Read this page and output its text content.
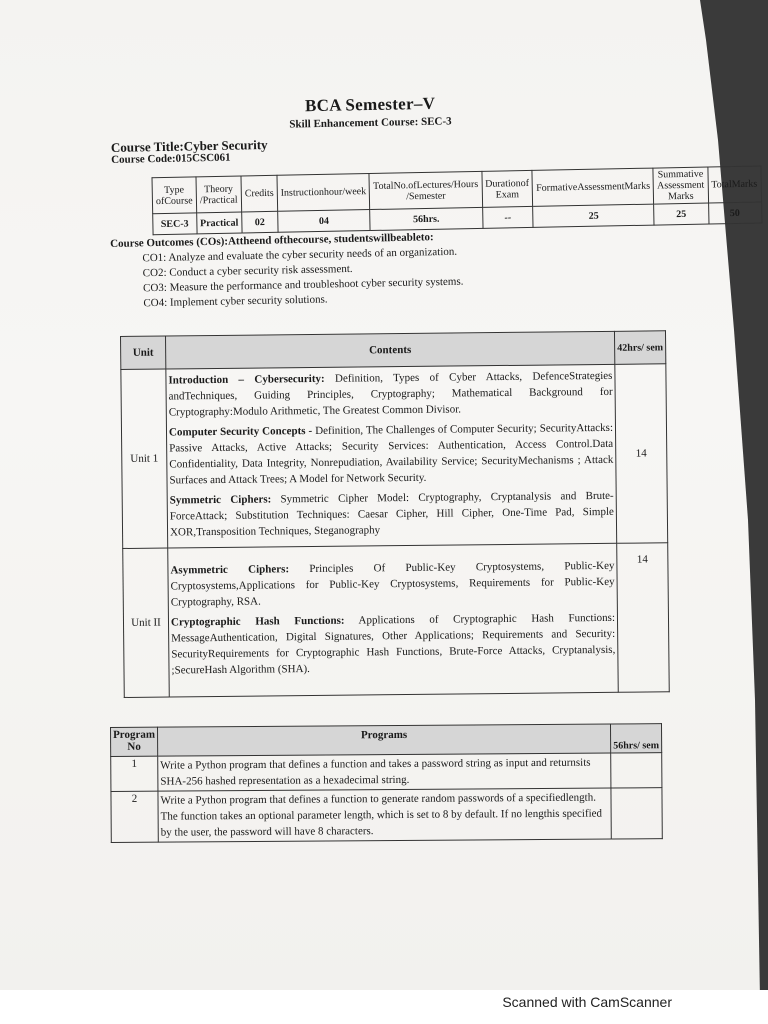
BCA Semester–V
Skill Enhancement Course: SEC-3
Course Title:Cyber Security
Course Code:015CSC061
Type ofCourse	Theory /Practical	Credits	Instructionhour/week	TotalNo.ofLectures/Hours /Semester	Durationof Exam	FormativeAssessmentMarks	Summative Assessment Marks	TotalMarks
SEC-3	Practical	02	04	56hrs.	--	25	25	50
Course Outcomes (COs):Attheend ofthecourse, studentswillbeableto:
CO1: Analyze and evaluate the cyber security needs of an organization.
CO2: Conduct a cyber security risk assessment.
CO3: Measure the performance and troubleshoot cyber security systems.
CO4: Implement cyber security solutions.
Unit	Contents	42hrs/ sem
Unit 1	Introduction – Cybersecurity: Definition, Types of Cyber Attacks, DefenceStrategies andTechniques, Guiding Principles, Cryptography; Mathematical Background for Cryptography:Modulo Arithmetic, The Greatest Common Divisor.
Computer Security Concepts - Definition, The Challenges of Computer Security; SecurityAttacks: Passive Attacks, Active Attacks; Security Services: Authentication, Access Control.Data Confidentiality, Data Integrity, Nonrepudiation, Availability Service; SecurityMechanisms ; Attack Surfaces and Attack Trees; A Model for Network Security.
Symmetric Ciphers: Symmetric Cipher Model: Cryptography, Cryptanalysis and Brute-ForceAttack; Substitution Techniques: Caesar Cipher, Hill Cipher, One-Time Pad, Simple XOR,Transposition Techniques, Steganography	14
Unit II	Asymmetric Ciphers: Principles Of Public-Key Cryptosystems, Public-Key Cryptosystems,Applications for Public-Key Cryptosystems, Requirements for Public-Key Cryptography, RSA.
Cryptographic Hash Functions: Applications of Cryptographic Hash Functions: MessageAuthentication, Digital Signatures, Other Applications; Requirements and Security: SecurityRequirements for Cryptographic Hash Functions, Brute-Force Attacks, Cryptanalysis, ;SecureHash Algorithm (SHA).	14
Program No	Programs	56hrs/ sem
1	Write a Python program that defines a function and takes a password string as input and returnsits SHA-256 hashed representation as a hexadecimal string.	
2	Write a Python program that defines a function to generate random passwords of a specifiedlength. The function takes an optional parameter length, which is set to 8 by default. If no lengthis specified by the user, the password will have 8 characters.	
Scanned with CamScanner
